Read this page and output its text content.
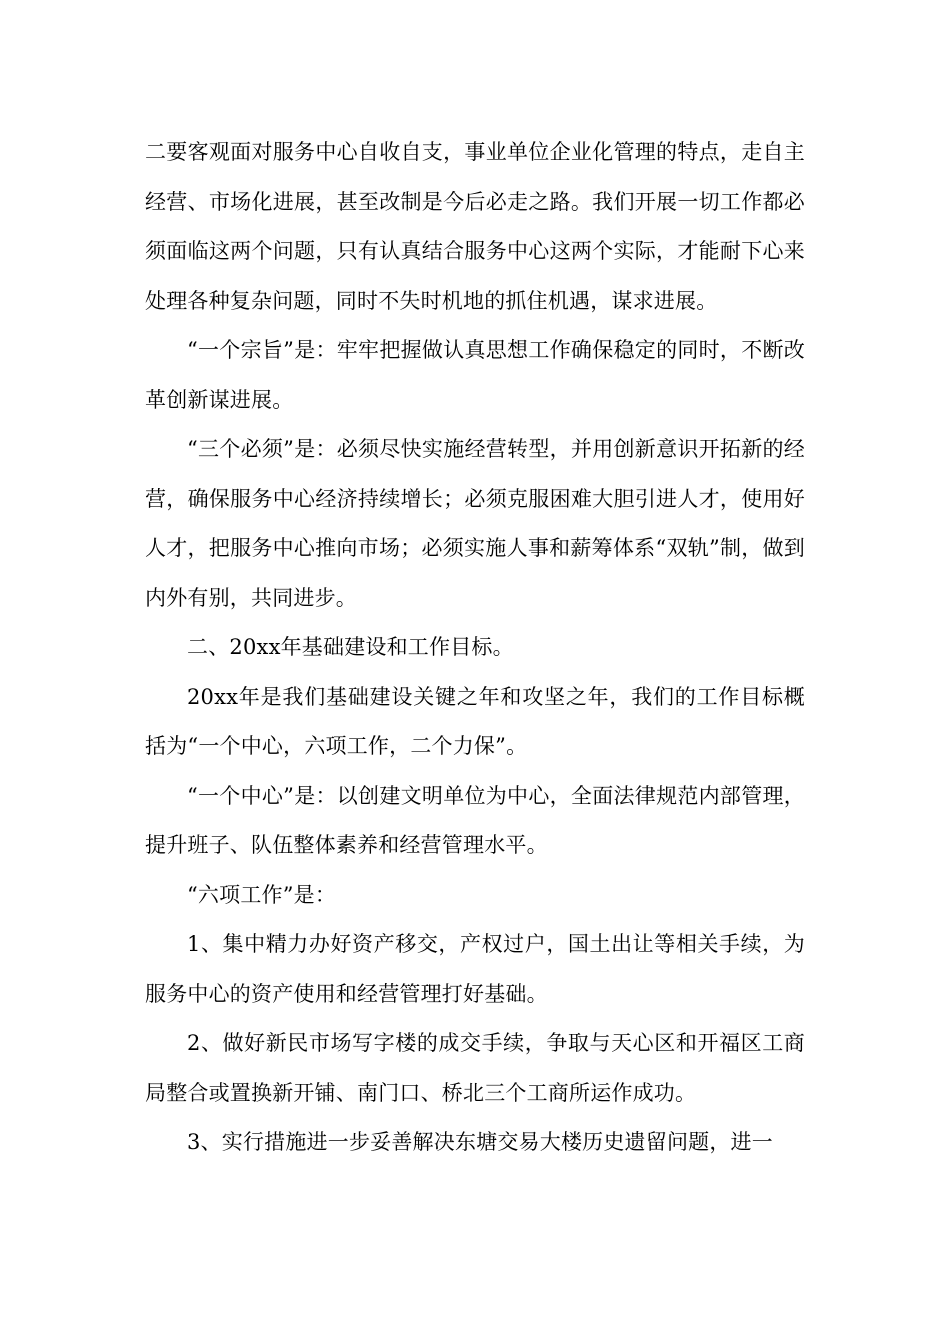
二要客观面对服务中心自收自支，事业单位企业化管理的特点，走自主经营、市场化进展，甚至改制是今后必走之路。我们开展一切工作都必须面临这两个问题，只有认真结合服务中心这两个实际，才能耐下心来处理各种复杂问题，同时不失时机地的抓住机遇，谋求进展。

“一个宗旨”是：牢牢把握做认真思想工作确保稳定的同时，不断改革创新谋进展。

“三个必须”是：必须尽快实施经营转型，并用创新意识开拓新的经营，确保服务中心经济持续增长；必须克服困难大胆引进人才，使用好人才，把服务中心推向市场；必须实施人事和薪筹体系“双轨”制，做到内外有别，共同进步。

二、20xx年基础建设和工作目标。

20xx年是我们基础建设关键之年和攻坚之年，我们的工作目标概括为“一个中心，六项工作，二个力保”。

“一个中心”是：以创建文明单位为中心，全面法律规范内部管理，提升班子、队伍整体素养和经营管理水平。

“六项工作”是：

1、集中精力办好资产移交，产权过户，国土出让等相关手续，为服务中心的资产使用和经营管理打好基础。

2、做好新民市场写字楼的成交手续，争取与天心区和开福区工商局整合或置换新开铺、南门口、桥北三个工商所运作成功。

3、实行措施进一步妥善解决东塘交易大楼历史遗留问题，进一
